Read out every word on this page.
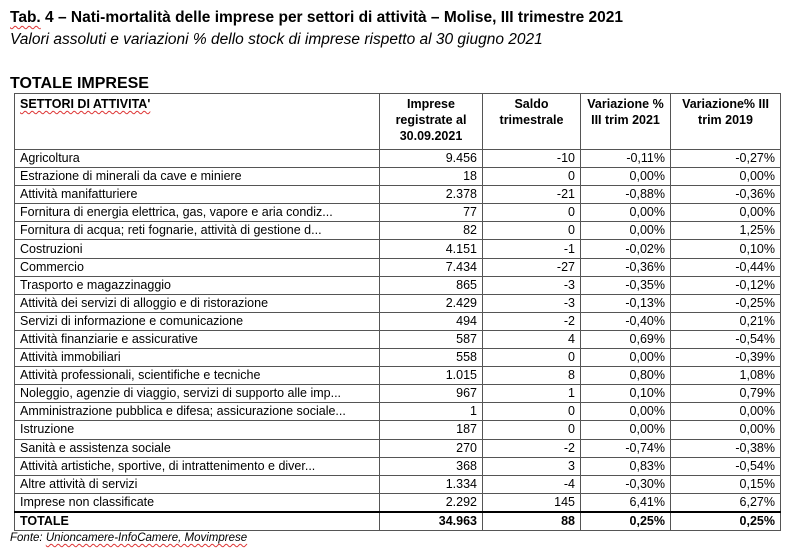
Tab. 4 – Nati-mortalità delle imprese per settori di attività – Molise, III trimestre 2021
Valori assoluti e variazioni % dello stock di imprese rispetto al 30 giugno 2021
TOTALE IMPRESE
SETTORI DI ATTIVITA'	Imprese registrate al 30.09.2021	Saldo trimestrale	Variazione % III trim 2021	Variazione% III trim 2019
Agricoltura	9.456	-10	-0,11%	-0,27%
Estrazione di minerali da cave e miniere	18	0	0,00%	0,00%
Attività manifatturiere	2.378	-21	-0,88%	-0,36%
Fornitura di energia elettrica, gas, vapore e aria condiz...	77	0	0,00%	0,00%
Fornitura di acqua; reti fognarie, attività di gestione d...	82	0	0,00%	1,25%
Costruzioni	4.151	-1	-0,02%	0,10%
Commercio	7.434	-27	-0,36%	-0,44%
Trasporto e magazzinaggio	865	-3	-0,35%	-0,12%
Attività dei servizi di alloggio e di ristorazione	2.429	-3	-0,13%	-0,25%
Servizi di informazione e comunicazione	494	-2	-0,40%	0,21%
Attività finanziarie e assicurative	587	4	0,69%	-0,54%
Attività immobiliari	558	0	0,00%	-0,39%
Attività professionali, scientifiche e tecniche	1.015	8	0,80%	1,08%
Noleggio, agenzie di viaggio, servizi di supporto alle imp...	967	1	0,10%	0,79%
Amministrazione pubblica e difesa; assicurazione sociale...	1	0	0,00%	0,00%
Istruzione	187	0	0,00%	0,00%
Sanità e assistenza sociale	270	-2	-0,74%	-0,38%
Attività artistiche, sportive, di intrattenimento e diver...	368	3	0,83%	-0,54%
Altre attività di servizi	1.334	-4	-0,30%	0,15%
Imprese non classificate	2.292	145	6,41%	6,27%
TOTALE	34.963	88	0,25%	0,25%
Fonte: Unioncamere-InfoCamere, Movimprese
